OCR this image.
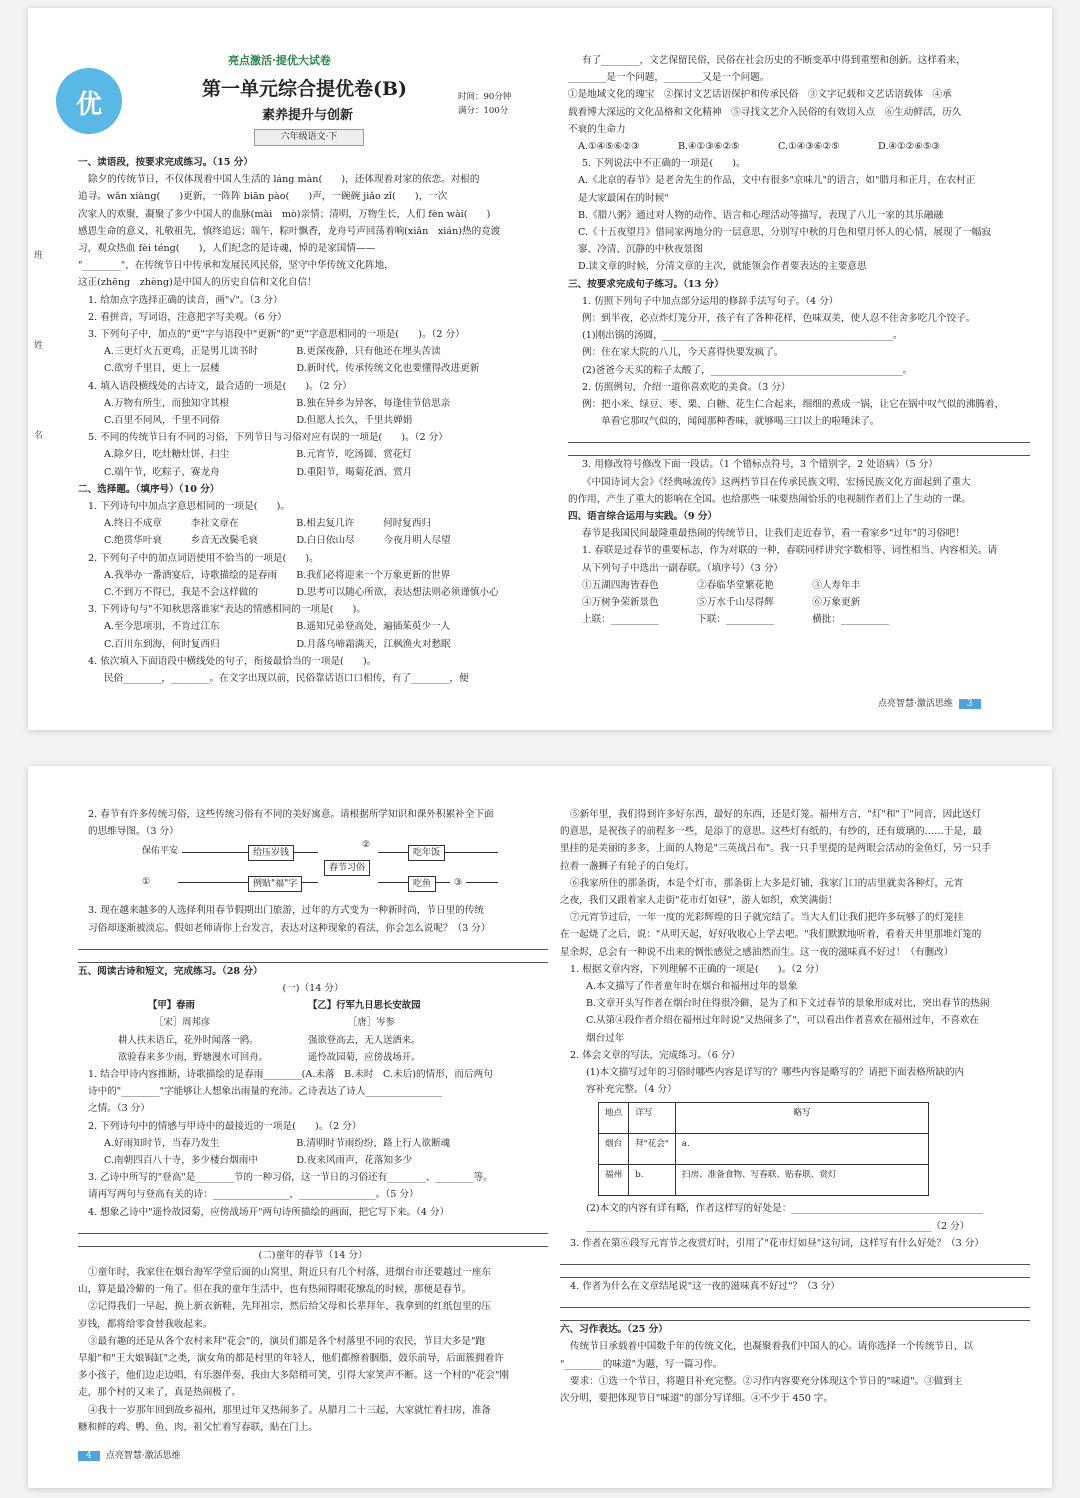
优
亮点激活·提优大试卷
第一单元综合提优卷(B)
素养提升与创新
六年级语文·下
时间：90分钟
满分：100分
班
姓
名

一、读语段，按要求完成练习。（15 分）

除夕的传统节日，不仅体现着中国人生活的 láng màn(　　)，还体现着对家的依恋。对根的

追寻。wǎn xiàng(　　)更新，一阵阵 biān pào(　　)声，一碗碗 jiǎo zǐ(　　)，一次

次家人的欢聚，凝聚了多少中国人的血脉(mài　mò)亲情；清明，万物生长，人们 fèn wài(　　)

感恩生命的意义，礼敬祖先，慎终追远；端午，粽叶飘香，龙舟号声回荡着响(xiǎn　xián)热的竞渡

习，观众热血 fèi téng(　　)，人们纪念的是诗魂，悼的是家国情——

"________"，在传统节日中传承和发展民风民俗，坚守中华传统文化阵地，

这正(zhēng　zhèng)是中国人的历史自信和文化自信！

1. 给加点字选择正确的读音，画"√"。（3 分）

2. 看拼音，写词语，注意把字写美观。（6 分）

3. 下列句子中，加点的"更"字与语段中"更新"的"更"字意思相同的一项是(　　)。（2 分）

A.三更灯火五更鸡，正是男儿读书时　　　　B.更深夜静，只有他还在埋头苦读

C.欲穷千里目，更上一层楼　　　　　　　　D.新时代，传承传统文化也要懂得改进更新

4. 填入语段横线处的古诗文，最合适的一项是(　　)。（2 分）

A.万物有所生，而独知守其根　　　　　　　B.独在异乡为异客，每逢佳节倍思亲

C.百里不同风，千里不同俗　　　　　　　　D.但愿人长久，千里共婵娟

5. 不同的传统节日有不同的习俗，下列节日与习俗对应有误的一项是(　　)。（2 分）

A.除夕日，吃灶糖灶饼、扫尘　　　　　　　B.元宵节，吃汤圆、赏花灯

C.端午节，吃粽子、赛龙舟　　　　　　　　D.重阳节，喝菊花酒、赏月

二、选择题。（填序号）（10 分）

1. 下列诗句中加点字意思相同的一项是(　　)。

A.终日不成章　　　李社文章在　　　　　　B.相去复几许　　　何时复西归

C.绝贯华叶衰　　　乡音无改鬓毛衰　　　　D.白日依山尽　　　今夜月明人尽望

2. 下列句子中的加点词语使用不恰当的一项是(　　)。

A.我举办一番酒宴后，诗歌描绘的是春雨　　B.我们必将迎来一个万象更新的世界

C.不到万不得已，我是不会这样做的　　　　D.思考可以随心所欲，表达想法则必须谨慎小心

3. 下列诗句与"不知秋思落谁家"表达的情感相同的一项是(　　)。

A.至今思项羽，不肯过江东　　　　　　　　B.遥知兄弟登高处，遍插茱萸少一人

C.百川东到海，何时复西归　　　　　　　　D.月落乌啼霜满天，江枫渔火对愁眠

4. 依次填入下面语段中横线处的句子，衔接最恰当的一项是(　　)。

民俗________，________。在文字出现以前，民俗靠话语口口相传，有了________，便

有了________，文艺保留民俗，民俗在社会历史的不断变革中得到重塑和创新。这样看来，

________是一个问题，________又是一个问题。

①是地域文化的瑰宝　②探讨文艺话语保护和传承民俗　③文字记载和文艺话语载体　④承

载着博大深远的文化品格和文化精神　⑤寻找文艺介入民俗的有效切入点　⑥生动鲜活，历久

不衰的生命力

A.①④⑤⑥②③　　　　B.④①③⑥②⑤　　　　C.①④③⑥②⑤　　　　D.④①②⑥⑤③

5. 下列说法中不正确的一项是(　　)。

A.《北京的春节》是老舍先生的作品，文中有很多"京味儿"的语言，如"腊月和正月，在农村正

是大家最闲在的时候"

B.《腊八粥》通过对人物的动作、语言和心理活动等描写，表现了八儿一家的其乐融融

C.《十五夜望月》借同家两地分的一层意思，分别写中秋的月色和望月怀人的心情，展现了一幅寂

寥、冷清、沉静的中秋夜景图

D.读文章的时候，分清文章的主次，就能领会作者要表达的主要意思

三、按要求完成句子练习。（13 分）

1. 仿照下列句子中加点部分运用的修辞手法写句子。（4 分）

例：到半夜，必点炸灯笼分开，孩子有了各种花样，色味双美，使人忍不住舍多吃几个饺子。

(1)刚出锅的汤圆，________________________________________________。

例：住在家大院的八儿，今天喜得快要发疯了。

(2)爸爸今天买的粽子太酸了，________________________________________。

2. 仿照例句，介绍一道你喜欢吃的美食。（3 分）

例：把小米、绿豆、枣、栗、白糖、花生仁合起来，细细的煮成一锅，让它在锅中叹气似的沸腾着，

　　单看它那叹气似的，闻闻那种香味，就够喝三口以上的啦唾沫了。

3. 用修改符号修改下面一段话。（1 个错标点符号，3 个错别字，2 处语病）（5 分）

《中国诗词大会》《经典咏流传》这两档节目在传承民族文明、宏扬民族文化方面起到了重大

的作用，产生了重大的影响在全国。也给那些一味要热闹恰乐的电视制作者们上了生动的一课。

四、语言综合运用与实践。（9 分）

春节是我国民间最隆重最热闹的传统节日，让我们走近春节，看一看家乡"过年"的习俗吧！

1. 春联是过春节的重要标志，作为对联的一种，春联同样讲究字数相等、词性相当、内容相关。请

从下列句子中选出一副春联。（填序号）（3 分）

①五湖四海皆春色　　　　②春临华堂繁花艳　　　　③人寿年丰

④万树争荣新景色　　　　⑤万水千山尽得辉　　　　⑥万象更新

上联：__________　　　　下联：__________　　　　横批：__________

点亮智慧·激活思维 3

2. 春节有许多传统习俗，这些传统习俗有不同的美好寓意。请根据所学知识和课外积累补全下面

的思维导图。（3 分）

保佑平安	给压岁钱
春节习俗
吃年饭
①	例贴"福"字	吃鱼
②
③

3. 现在越来越多的人选择利用春节假期出门旅游，过年的方式变为一种新时尚，节日里的传统

习俗却逐渐被淡忘。假如老师请你上台发言，表达对这种现象的看法，你会怎么说呢？（3 分）

五、阅读古诗和短文，完成练习。（28 分）

(一)（14 分）

【甲】春雨

［宋］周邦彦

耕人扶未语丘，花外时闻落一鸥。

欲验春来多少雨，野塘漫水可回舟。

【乙】行军九日思长安故园

［唐］岑参

强欲登高去，无人送酒来。

遥怜故园菊，应傍战场开。

1. 结合甲诗内容推断，诗歌描绘的是春雨________(A.未落　B.未时　C.未后)的情形，而后两句

诗中的"________"字能够让人想象出雨量的充沛。乙诗表达了诗人________________

之情。（3 分）

2. 下列诗句中的情感与甲诗中的最接近的一项是(　　)。（2 分）

A.好雨知时节，当春乃发生　　　　　　　　B.清明时节雨纷纷，路上行人欲断魂

C.南朝四百八十寺，多少楼台烟雨中　　　　D.夜来风雨声，花落知多少

3. 乙诗中所写的"登高"是________节的一种习俗，这一节日的习俗还有________、________等。

请再写两句与登高有关的诗：________________，________________。（5 分）

4. 想象乙诗中"遥怜故园菊，应傍战场开"两句诗所描绘的画面，把它写下来。（4 分）

(二)童年的春节（14 分）

①童年时，我家住在烟台海军学堂后面的山窝里，附近只有几个村落，进烟台市还要越过一座东

山，算是最冷僻的一角了。但在我的童年生活中，也有热闹得眼花缭乱的时候，那便是春节。

②记得我们一早起，换上新衣新鞋，先拜祖宗，然后给父母和长辈拜年，我拿到的红纸包里的压

岁钱，都将给零食替我收起来。

③最有趣的还是从各个农村来拜"花会"的，演员们都是各个村落里不同的农民，节目大多是"跑

旱船"和"王大娘锔缸"之类，演女角的都是村里的年轻人，他们都擦着胭脂，鼓乐前导，后面簇拥着许

多小孩子，他们边走边唱，有乐器伴奏，我由大多陪稍可笑，引得大家笑声不断。这一个村的"花会"刚

走，那个村的又来了，真是热闹极了。

④我十一岁那年回到故乡福州，那里过年又热闹多了。从腊月二十三起，大家就忙着扫房，准备

糖和鲜的鸡、鸭、鱼、肉，祖父忙着写春联，贴在门上。

⑤新年里，我们得到许多好东西，最好的东西，还是灯笼。福州方言，"灯"和"丁"同音，因此送灯

的意思，是祝孩子的前程多一些，是添丁的意思。这些灯有纸的，有纱的，还有玻璃的……于是，最

里挂的是美丽的多多，上面的人物是"三英战吕布"。我一只手里提的是两眼会活动的金鱼灯，另一只手

拉着一盏狮子有轮子的白兔灯。

⑥我家所住的那条街，本是个灯市，那条街上大多是灯铺，我家门口的店里就卖各种灯，元宵

之夜，我们又跟着家人走街"花市灯如昼"，游人如织，欢笑满街！

⑦元宵节过后，一年一度的光彩辉煌的日子就完结了。当大人们让我们把许多玩够了的灯笼挂

在一起烧了之后，说："从明天起，好好收收心上学去吧。"我们默默地听着，看着天井里那堆灯笼的

星余烬，总会有一种说不出来的惆怅感觉之感油然而生。这一夜的滋味真不好过！（有删改）

1. 根据文章内容，下列理解不正确的一项是(　　)。（2 分）

A.本文描写了作者童年时在烟台和福州过年的景象

B.文章开头写作者在烟台时住得很冷僻，是为了和下文过春节的景象形成对比，突出春节的热闹

C.从第④段作者介绍在福州过年时说"又热闹多了"，可以看出作者喜欢在福州过年，不喜欢在

烟台过年

2. 体会文章的写法，完成练习。（6 分）

(1)本文描写过年的习俗时哪些内容是详写的？哪些内容是略写的？请把下面表格所缺的内

容补充完整。（4 分）

地点	详写	略写
烟台	拜"花会"	a.
福州	b.	扫房、准备食物、写春联、贴春联、赏灯

(2)本文的内容有详有略，作者这样写的好处是：________________________________________

________________________________________________________________________（2 分）

3. 作者在第⑥段写元宵节之夜赏灯时，引用了"花市灯如昼"这句词，这样写有什么好处？（3 分）

4. 作者为什么在文章结尾说"这一夜的滋味真不好过"？（3 分）

六、习作表达。（25 分）

传统节日承载着中国数千年的传统文化，也凝聚着我们中国人的心。请你选择一个传统节日，以

"________的味道"为题，写一篇习作。

要求：①选一个节日，将题目补充完整。②习作内容要充分体现这个节日的"味道"。③做到主

次分明，要把体现节日"味道"的部分写详细。④不少于 450 字。

4 点亮智慧·激活思维
